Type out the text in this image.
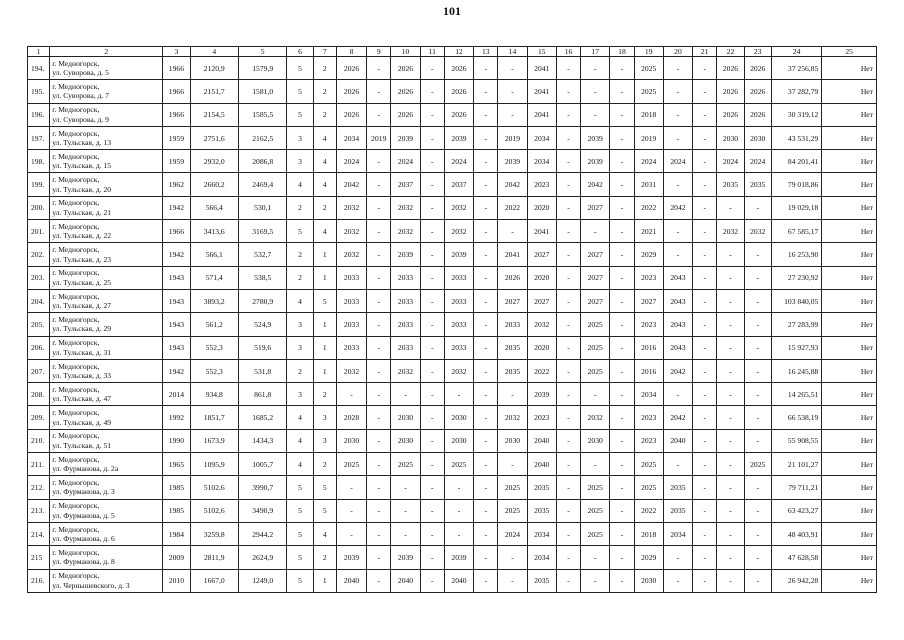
101
1	2	3	4	5	6	7	8	9	10	11	12	13	14	15	16	17	18	19	20	21	22	23	24	25
194.	г. Медногорск,
ул. Суворова, д. 5	1966	2120,9	1579,9	5	2	2026	-	2026	-	2026	-	-	2041	-	-	-	2025	-	-	2026	2026	37 256,85	Нет
195.	г. Медногорск,
ул. Суворова, д. 7	1966	2151,7	1581,0	5	2	2026	-	2026	-	2026	-	-	2041	-	-	-	2025	-	-	2026	2026	37 282,79	Нет
196.	г. Медногорск,
ул. Суворова, д. 9	1966	2154,5	1585,5	5	2	2026	-	2026	-	2026	-	-	2041	-	-	-	2018	-	-	2026	2026	30 319,12	Нет
197.	г. Медногорск,
ул. Тульская, д. 13	1959	2751,6	2162,5	3	4	2034	2019	2039	-	2039	-	2019	2034	-	2039	-	2019	-	-	2030	2030	43 531,29	Нет
198.	г. Медногорск,
ул. Тульская, д. 15	1959	2932,0	2086,8	3	4	2024	-	2024	-	2024	-	2039	2034	-	2039	-	2024	2024	-	2024	2024	84 201,41	Нет
199.	г. Медногорск,
ул. Тульская, д. 20	1962	2660,2	2469,4	4	4	2042	-	2037	-	2037	-	2042	2023	-	2042	-	2031	-	-	2035	2035	79 018,86	Нет
200.	г. Медногорск,
ул. Тульская, д. 21	1942	566,4	530,1	2	2	2032	-	2032	-	2032	-	2022	2020	-	2027	-	2022	2042	-	-	-	19 029,18	Нет
201.	г. Медногорск,
ул. Тульская, д. 22	1966	3413,6	3169,5	5	4	2032	-	2032	-	2032	-	-	2041	-	-	-	2021	-	-	2032	2032	67 585,17	Нет
202.	г. Медногорск,
ул. Тульская, д. 23	1942	566,1	532,7	2	1	2032	-	2039	-	2039	-	2041	2027	-	2027	-	2029	-	-	-	-	16 253,90	Нет
203.	г. Медногорск,
ул. Тульская, д. 25	1943	571,4	538,5	2	1	2033	-	2033	-	2033	-	2026	2020	-	2027	-	2023	2043	-	-	-	27 230,92	Нет
204.	г. Медногорск,
ул. Тульская, д. 27	1943	3893,2	2780,9	4	5	2033	-	2033	-	2033	-	2027	2027	-	2027	-	2027	2043	-	-	-	103 840,05	Нет
205.	г. Медногорск,
ул. Тульская, д. 29	1943	561,2	524,9	3	1	2033	-	2033	-	2033	-	2033	2032	-	2025	-	2023	2043	-	-	-	27 283,99	Нет
206.	г. Медногорск,
ул. Тульская, д. 31	1943	552,3	519,6	3	1	2033	-	2033	-	2033	-	2035	2020	-	2025	-	2016	2043	-	-	-	15 927,93	Нет
207.	г. Медногорск,
ул. Тульская, д. 33	1942	552,3	531,8	2	1	2032	-	2032	-	2032	-	2035	2022	-	2025	-	2016	2042	-	-	-	16 245,88	Нет
208.	г. Медногорск,
ул. Тульская, д. 47	2014	934,8	861,8	3	2	-	-	-	-	-	-	-	2039	-	-	-	2034	-	-	-	-	14 265,51	Нет
209.	г. Медногорск,
ул. Тульская, д. 49	1992	1851,7	1685,2	4	3	2028	-	2030	-	2030	-	2032	2023	-	2032	-	2023	2042	-	-	-	66 538,19	Нет
210.	г. Медногорск,
ул. Тульская, д. 51	1990	1673,9	1434,3	4	3	2030	-	2030	-	2030	-	2030	2040	-	2030	-	2023	2040	-	-	-	55 908,55	Нет
211.	г. Медногорск,
ул. Фурманова, д. 2а	1965	1095,9	1005,7	4	2	2025	-	2025	-	2025	-	-	2040	-	-	-	2025	-	-	-	2025	21 101,27	Нет
212.	г. Медногорск,
ул. Фурманова, д. 3	1985	5102,6	3990,7	5	5	-	-	-	-	-	-	2025	2035	-	2025	-	2025	2035	-	-	-	79 711,21	Нет
213.	г. Медногорск,
ул. Фурманова, д. 5	1985	5102,6	3490,9	5	5	-	-	-	-	-	-	2025	2035	-	2025	-	2022	2035	-	-	-	63 423,27	Нет
214.	г. Медногорск,
ул. Фурманова, д. 6	1984	3259,8	2944,2	5	4	-	-	-	-	-	-	2024	2034	-	2025	-	2018	2034	-	-	-	48 403,91	Нет
215	г. Медногорск,
ул. Фурманова, д. 8	2009	2811,9	2624,9	5	2	2039	-	2039	-	2039	-	-	2034	-	-	-	2029	-	-	-	-	47 628,58	Нет
216.	г. Медногорск,
ул. Чернышевского, д. 3	2010	1667,0	1249,0	5	1	2040	-	2040	-	2040	-	-	2035	-	-	-	2030	-	-	-	-	26 942,28	Нет
